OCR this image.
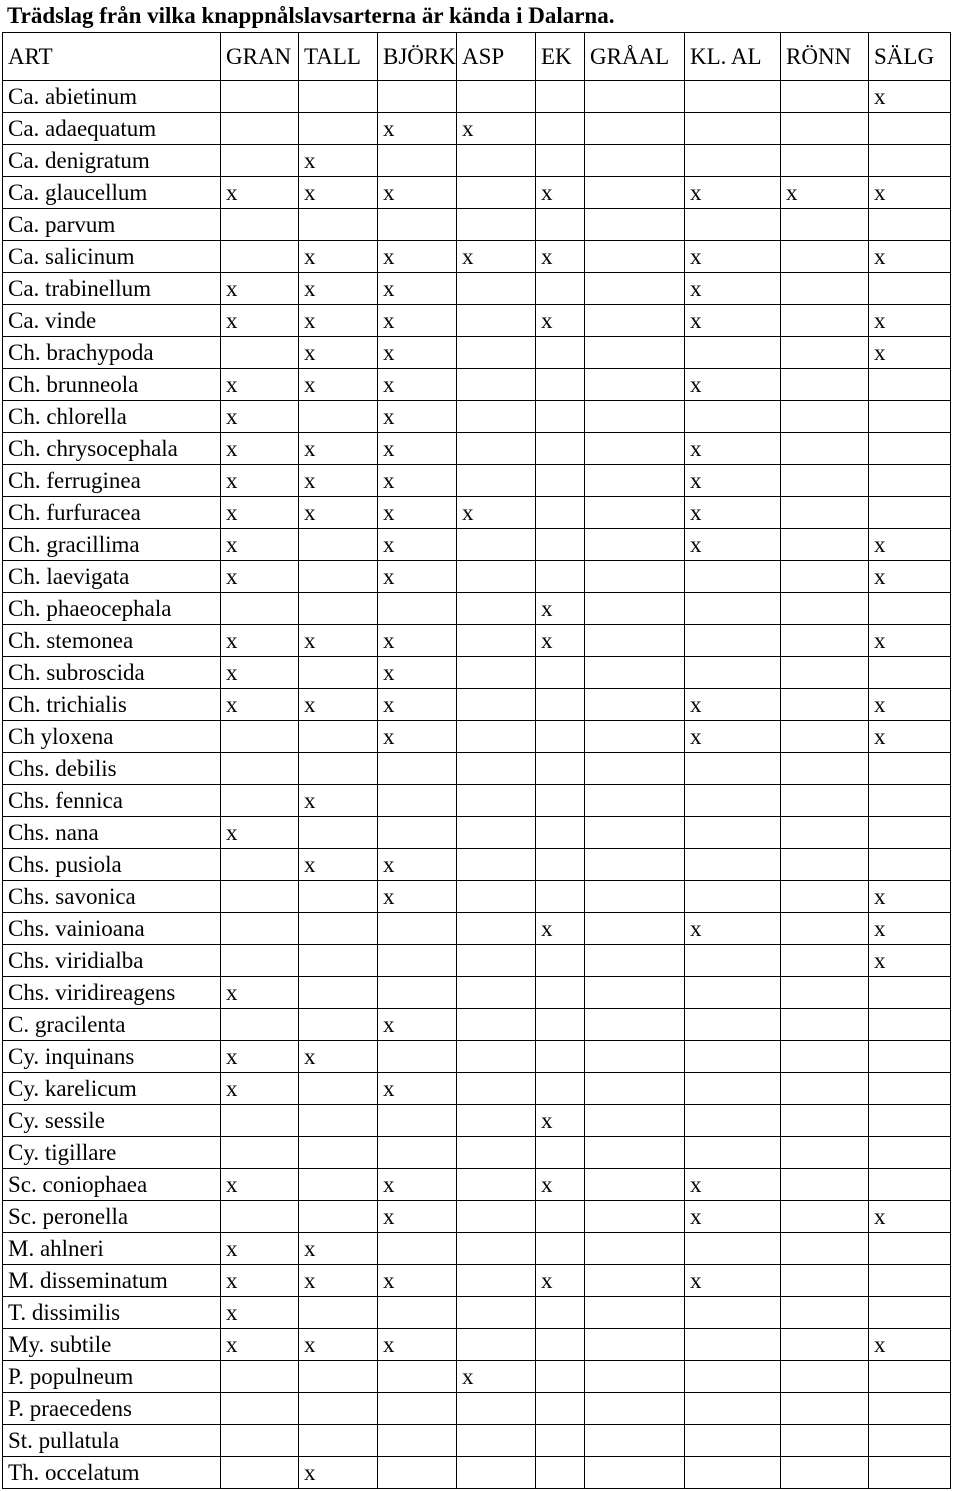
Trädslag från vilka knappnålslavsarterna är kända i Dalarna.
ART	GRAN	TALL	BJÖRK	ASP	EK	GRÅAL	KL. AL	RÖNN	SÄLG
Ca. abietinum									x
Ca. adaequatum			x	x					
Ca. denigratum		x							
Ca. glaucellum	x	x	x		x		x	x	x
Ca. parvum									
Ca. salicinum		x	x	x	x		x		x
Ca. trabinellum	x	x	x				x		
Ca. vinde	x	x	x		x		x		x
Ch. brachypoda		x	x						x
Ch. brunneola	x	x	x				x		
Ch. chlorella	x		x						
Ch. chrysocephala	x	x	x				x		
Ch. ferruginea	x	x	x				x		
Ch. furfuracea	x	x	x	x			x		
Ch. gracillima	x		x				x		x
Ch. laevigata	x		x						x
Ch. phaeocephala					x				
Ch. stemonea	x	x	x		x				x
Ch. subroscida	x		x						
Ch. trichialis	x	x	x				x		x
Ch yloxena			x				x		x
Chs. debilis									
Chs. fennica		x							
Chs. nana	x								
Chs. pusiola		x	x						
Chs. savonica			x						x
Chs. vainioana					x		x		x
Chs. viridialba									x
Chs. viridireagens	x								
C. gracilenta			x						
Cy. inquinans	x	x							
Cy. karelicum	x		x						
Cy. sessile					x				
Cy. tigillare									
Sc. coniophaea	x		x		x		x		
Sc. peronella			x				x		x
M. ahlneri	x	x							
M. disseminatum	x	x	x		x		x		
T. dissimilis	x								
My. subtile	x	x	x						x
P. populneum				x					
P. praecedens									
St. pullatula									
Th. occelatum		x							
